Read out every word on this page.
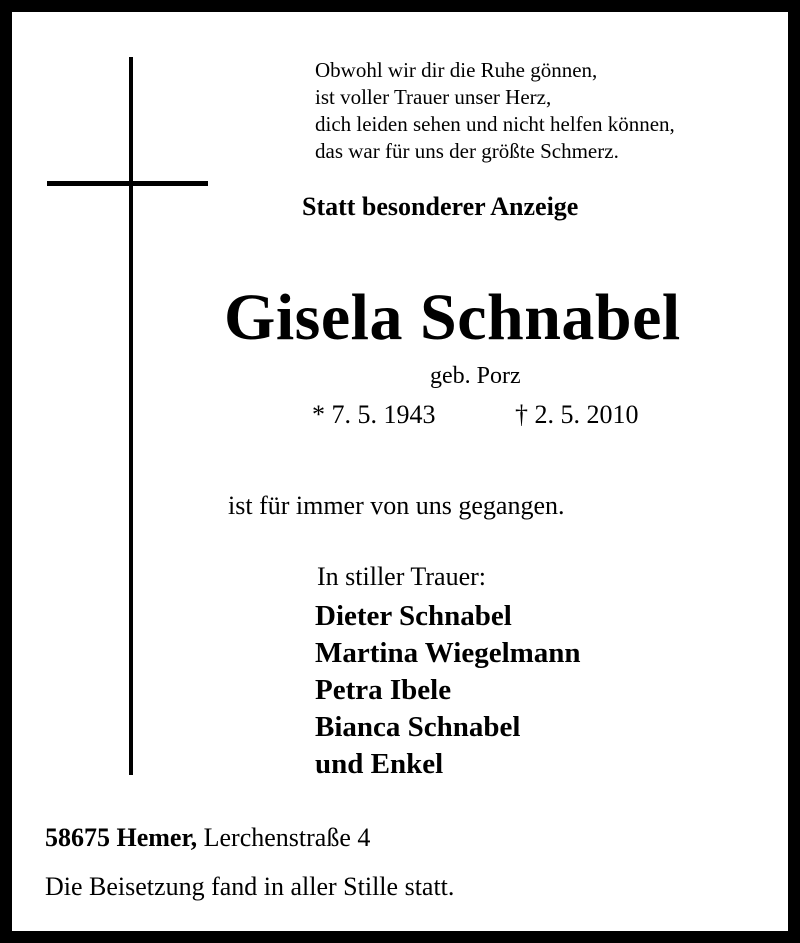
Obwohl wir dir die Ruhe gönnen,
ist voller Trauer unser Herz,
dich leiden sehen und nicht helfen können,
das war für uns der größte Schmerz.
Statt besonderer Anzeige
Gisela Schnabel
geb. Porz
* 7. 5. 1943	† 2. 5. 2010
ist für immer von uns gegangen.
In stiller Trauer:
Dieter Schnabel
Martina Wiegelmann
Petra Ibele
Bianca Schnabel
und Enkel
58675 Hemer, Lerchenstraße 4
Die Beisetzung fand in aller Stille statt.
